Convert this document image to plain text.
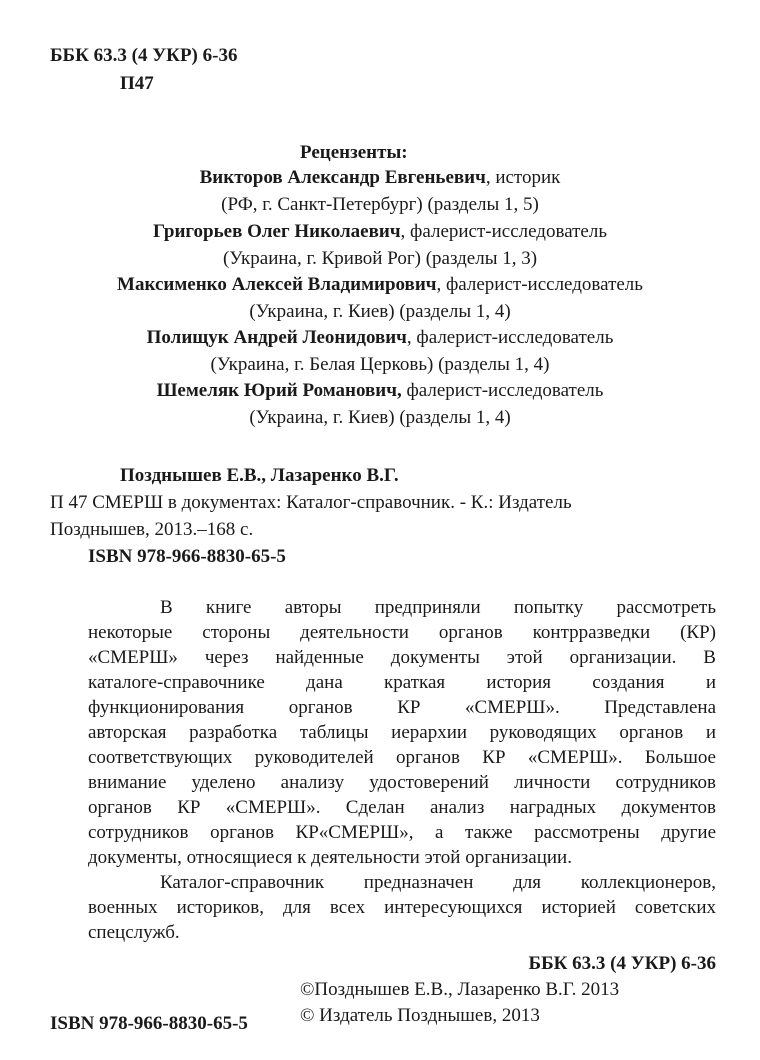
ББК 63.3 (4 УКР) 6-36
П47
Рецензенты:
Викторов Александр Евгеньевич, историк
(РФ, г. Санкт-Петербург) (разделы 1, 5)
Григорьев Олег Николаевич, фалерист-исследователь
(Украина, г. Кривой Рог) (разделы 1, 3)
Максименко Алексей Владимирович, фалерист-исследователь
(Украина, г. Киев) (разделы 1, 4)
Полищук Андрей Леонидович, фалерист-исследователь
(Украина, г. Белая Церковь) (разделы 1, 4)
Шемеляк Юрий Романович, фалерист-исследователь
(Украина, г. Киев) (разделы 1, 4)
Позднышев Е.В., Лазаренко В.Г.
П 47 СМЕРШ в документах: Каталог-справочник. - К.: Издатель
Позднышев, 2013.–168 с.
ISBN 978-966-8830-65-5
В книге авторы предприняли попытку рассмотреть
некоторые стороны деятельности органов контрразведки (КР)
«СМЕРШ» через найденные документы этой организации. В
каталоге-справочнике дана краткая история создания и
функционирования органов КР «СМЕРШ». Представлена
авторская разработка таблицы иерархии руководящих органов и
соответствующих руководителей органов КР «СМЕРШ». Большое
внимание уделено анализу удостоверений личности сотрудников
органов КР «СМЕРШ». Сделан анализ наградных документов
сотрудников органов КР«СМЕРШ», а также рассмотрены другие
документы, относящиеся к деятельности этой организации.
Каталог-справочник предназначен для коллекционеров,
военных историков, для всех интересующихся историей советских
спецслужб.
ББК 63.3 (4 УКР) 6-36
©Позднышев Е.В., Лазаренко В.Г. 2013
© Издатель Позднышев, 2013
ISBN 978-966-8830-65-5
